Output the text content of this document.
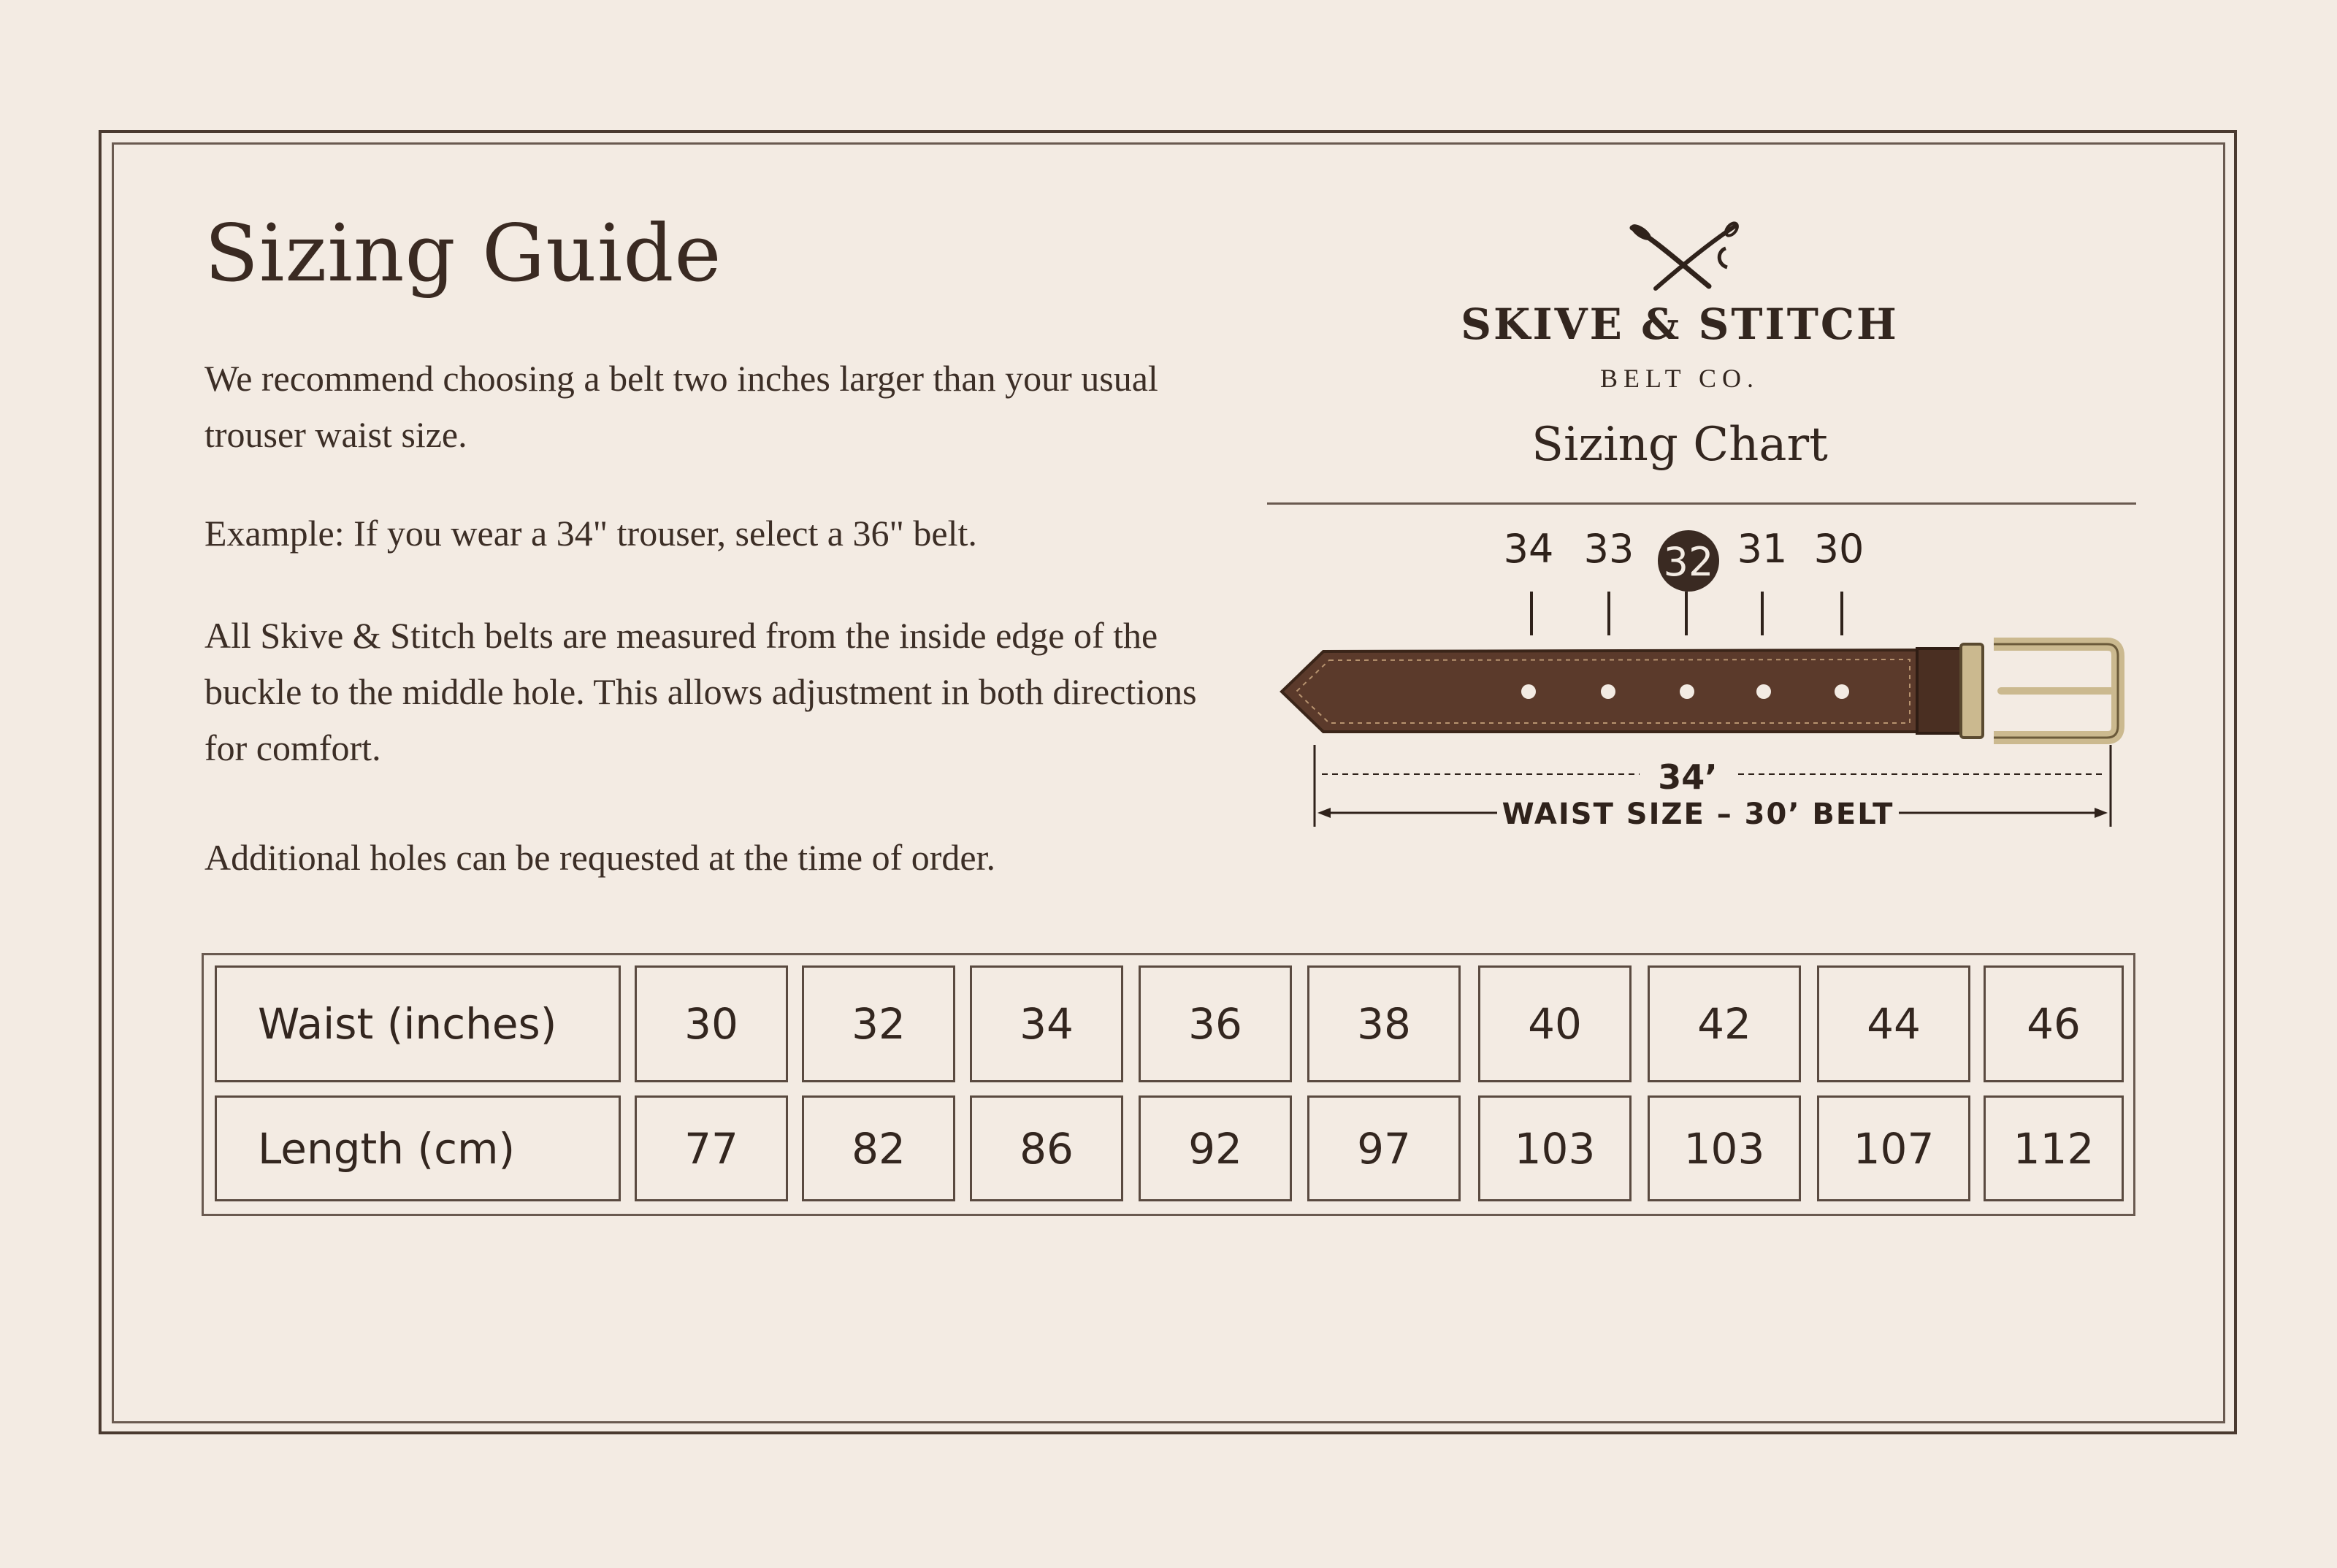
Sizing Guide

We recommend choosing a belt two inches larger than your usual trouser waist size.

Example: If you wear a 34" trouser, select a 36" belt.

All Skive & Stitch belts are measured from the inside edge of the buckle to the middle hole. This allows adjustment in both directions for comfort.

Additional holes can be requested at the time of order.

SKIVE & STITCH
BELT CO.
Sizing Chart
34 33 32 31 30
34’
WAIST SIZE – 30’ BELT
Waist (inches)	30	32	34	36	38	40	42	44	46
Length (cm)	77	82	86	92	97	103	103	107	112
